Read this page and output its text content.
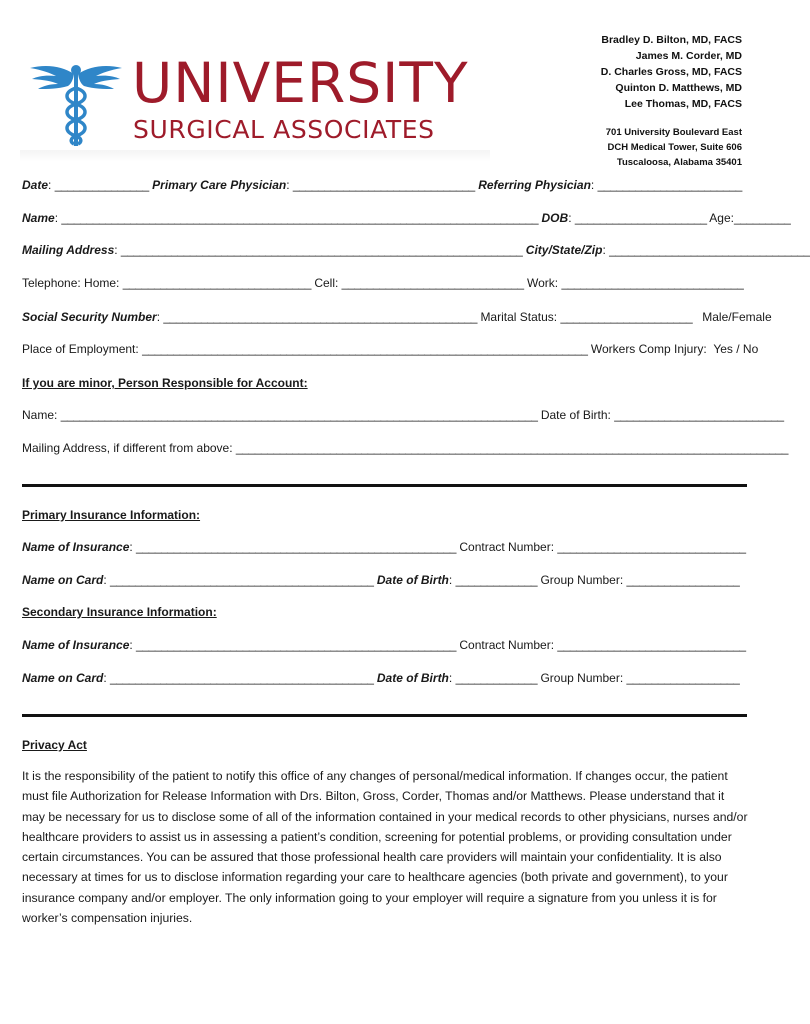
UNIVERSITY
SURGICAL ASSOCIATES
Bradley D. Bilton, MD, FACS
James M. Corder, MD
D. Charles Gross, MD, FACS
Quinton D. Matthews, MD
Lee Thomas, MD, FACS
701 University Boulevard East
DCH Medical Tower, Suite 606
Tuscaloosa, Alabama 35401
Date: _______________ Primary Care Physician: _____________________________ Referring Physician: _______________________
Name: ____________________________________________________________________________ DOB: _____________________ Age:_________
Mailing Address: ________________________________________________________________ City/State/Zip: ________________________________
Telephone: Home: ______________________________ Cell: _____________________________ Work: _____________________________
Social Security Number: __________________________________________________ Marital Status: _____________________ Male/Female
Place of Employment: _______________________________________________________________________ Workers Comp Injury: Yes / No
If you are minor, Person Responsible for Account:
Name: ____________________________________________________________________________ Date of Birth: ___________________________
Mailing Address, if different from above: ________________________________________________________________________________________
Primary Insurance Information:
Name of Insurance: ___________________________________________________ Contract Number: ______________________________
Name on Card: __________________________________________ Date of Birth: _____________ Group Number: __________________
Secondary Insurance Information:
Name of Insurance: ___________________________________________________ Contract Number: ______________________________
Name on Card: __________________________________________ Date of Birth: _____________ Group Number: __________________
Privacy Act
It is the responsibility of the patient to notify this office of any changes of personal/medical information. If changes occur, the patient must file Authorization for Release Information with Drs. Bilton, Gross, Corder, Thomas and/or Matthews. Please understand that it may be necessary for us to disclose some of all of the information contained in your medical records to other physicians, nurses and/or healthcare providers to assist us in assessing a patient’s condition, screening for potential problems, or providing consultation under certain circumstances. You can be assured that those professional health care providers will maintain your confidentiality. It is also necessary at times for us to disclose information regarding your care to healthcare agencies (both private and government), to your insurance company and/or employer. The only information going to your employer will require a signature from you unless it is for worker’s compensation injuries.
